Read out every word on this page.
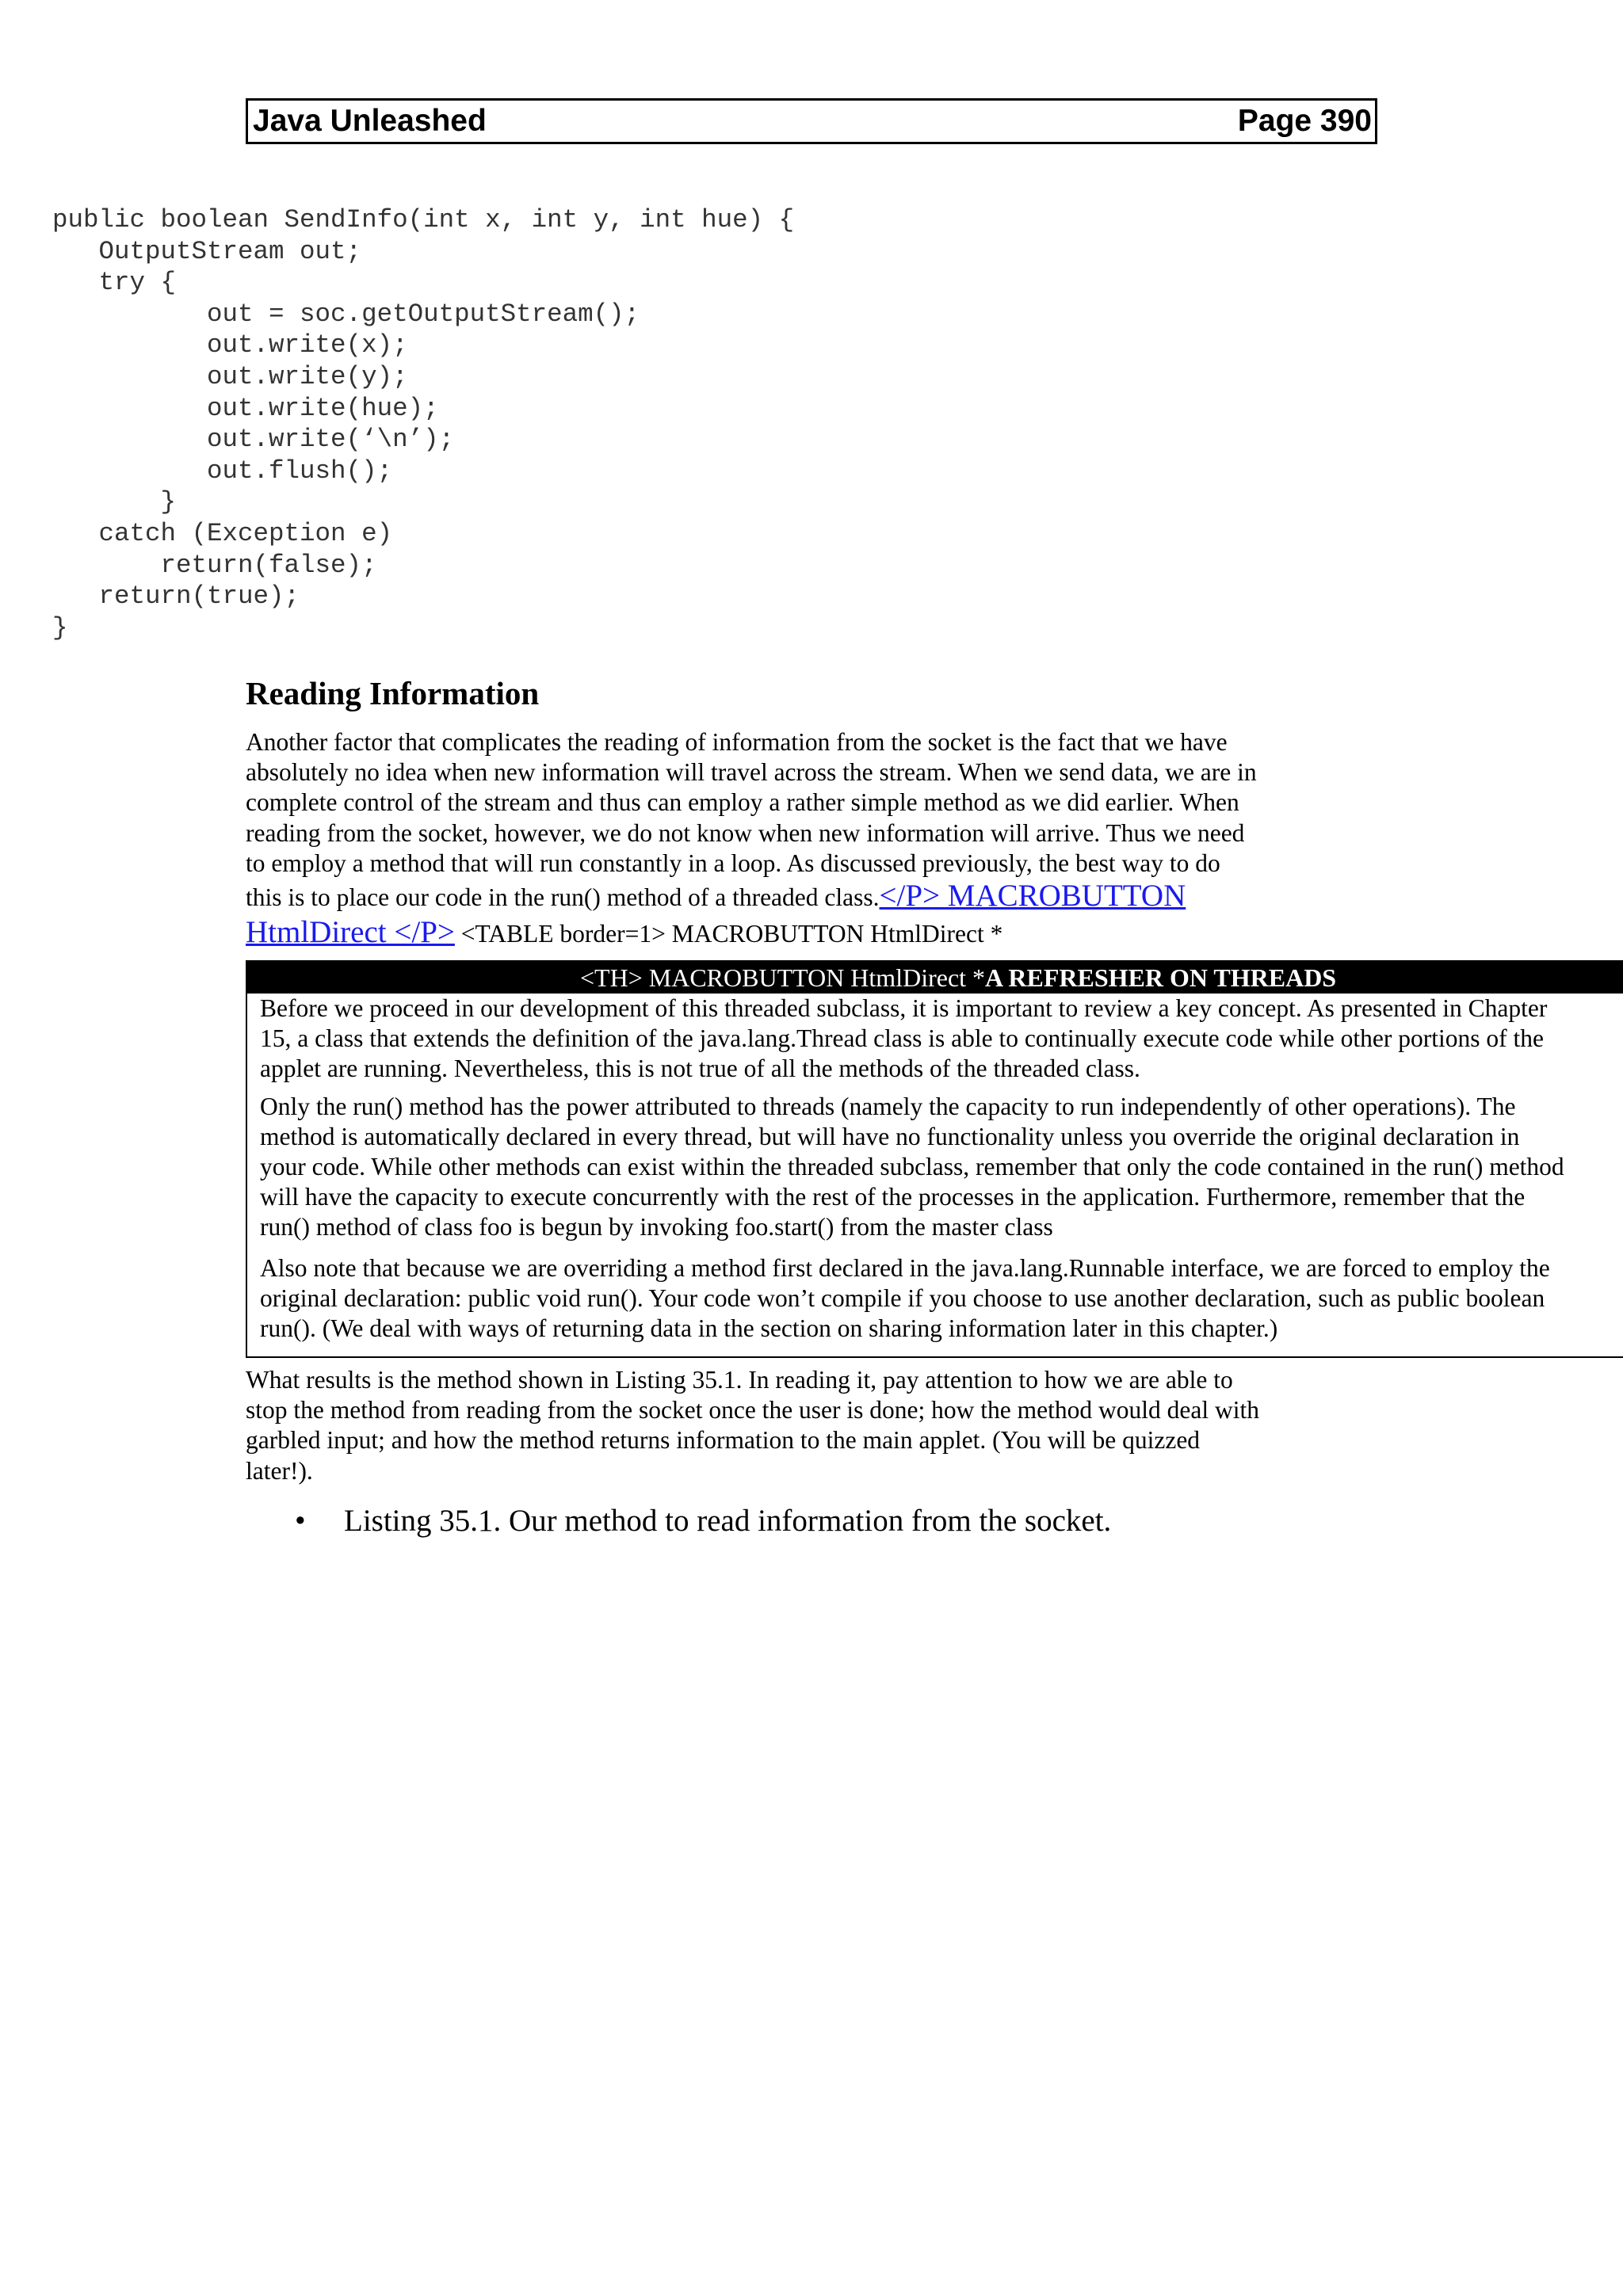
Java Unleashed	Page 390
public boolean SendInfo(int x, int y, int hue) {
OutputStream out;
try {
out = soc.getOutputStream();
out.write(x);
out.write(y);
out.write(hue);
out.write(‘\n’);
out.flush();
}
catch (Exception e)
return(false);
return(true);
}
Reading Information
Another factor that complicates the reading of information from the socket is the fact that we have
absolutely no idea when new information will travel across the stream. When we send data, we are in
complete control of the stream and thus can employ a rather simple method as we did earlier. When
reading from the socket, however, we do not know when new information will arrive. Thus we need
to employ a method that will run constantly in a loop. As discussed previously, the best way to do
this is to place our code in the run() method of a threaded class.</P> MACROBUTTON
HtmlDirect </P> <TABLE border=1> MACROBUTTON HtmlDirect *
<TH> MACROBUTTON HtmlDirect *A REFRESHER ON THREADS

Before we proceed in our development of this threaded subclass, it is important to review a key concept. As presented in Chapter
15, a class that extends the definition of the java.lang.Thread class is able to continually execute code while other portions of the
applet are running. Nevertheless, this is not true of all the methods of the threaded class.

Only the run() method has the power attributed to threads (namely the capacity to run independently of other operations). The
method is automatically declared in every thread, but will have no functionality unless you override the original declaration in
your code. While other methods can exist within the threaded subclass, remember that only the code contained in the run() method
will have the capacity to execute concurrently with the rest of the processes in the application. Furthermore, remember that the
run() method of class foo is begun by invoking foo.start() from the master class

Also note that because we are overriding a method first declared in the java.lang.Runnable interface, we are forced to employ the
original declaration: public void run(). Your code won’t compile if you choose to use another declaration, such as public boolean
run(). (We deal with ways of returning data in the section on sharing information later in this chapter.)

What results is the method shown in Listing 35.1. In reading it, pay attention to how we are able to
stop the method from reading from the socket once the user is done; how the method would deal with
garbled input; and how the method returns information to the main applet. (You will be quizzed
later!).
• Listing 35.1. Our method to read information from the socket.
